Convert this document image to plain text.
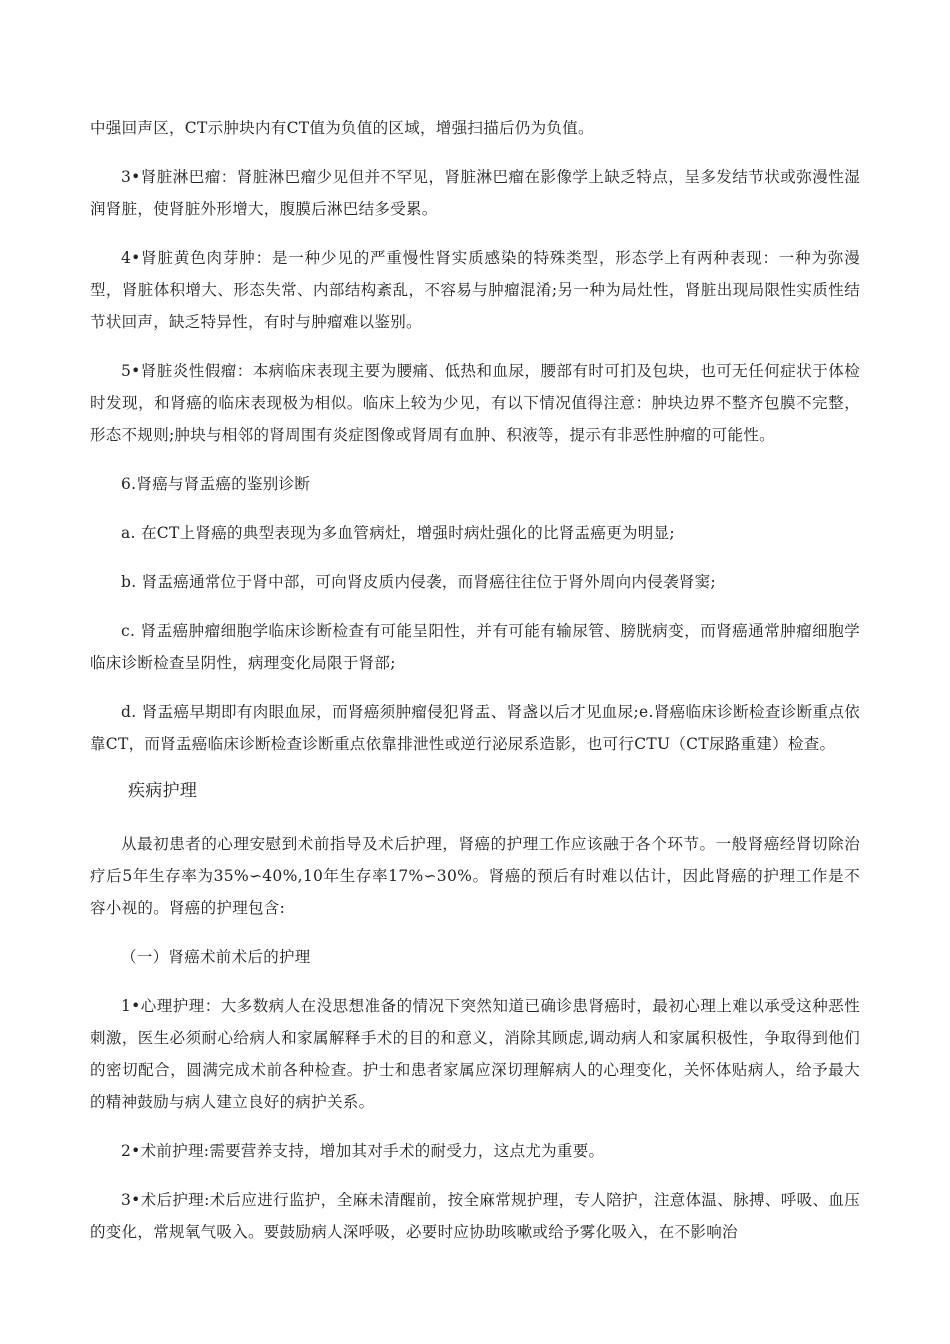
中强回声区，CT示肿块内有CT值为负值的区域，增强扫描后仍为负值。

3•肾脏淋巴瘤：肾脏淋巴瘤少见但并不罕见，肾脏淋巴瘤在影像学上缺乏特点，呈多发结节状或弥漫性湿润肾脏，使肾脏外形增大，腹膜后淋巴结多受累。

4•肾脏黄色肉芽肿：是一种少见的严重慢性肾实质感染的特殊类型，形态学上有两种表现：一种为弥漫型，肾脏体积增大、形态失常、内部结构紊乱，不容易与肿瘤混淆;另一种为局灶性，肾脏出现局限性实质性结节状回声，缺乏特异性，有时与肿瘤难以鉴别。

5•肾脏炎性假瘤：本病临床表现主要为腰痛、低热和血尿，腰部有时可扪及包块，也可无任何症状于体检时发现，和肾癌的临床表现极为相似。临床上较为少见，有以下情况值得注意：肿块边界不整齐包膜不完整，形态不规则;肿块与相邻的肾周围有炎症图像或肾周有血肿、积液等，提示有非恶性肿瘤的可能性。

6.肾癌与肾盂癌的鉴别诊断

a. 在CT上肾癌的典型表现为多血管病灶，增强时病灶强化的比肾盂癌更为明显;

b. 肾盂癌通常位于肾中部，可向肾皮质内侵袭，而肾癌往往位于肾外周向内侵袭肾窦;

c. 肾盂癌肿瘤细胞学临床诊断检查有可能呈阳性，并有可能有输尿管、膀胱病变，而肾癌通常肿瘤细胞学临床诊断检查呈阴性，病理变化局限于肾部;

d. 肾盂癌早期即有肉眼血尿，而肾癌须肿瘤侵犯肾盂、肾盏以后才见血尿;e.肾癌临床诊断检查诊断重点依靠CT，而肾盂癌临床诊断检查诊断重点依靠排泄性或逆行泌尿系造影，也可行CTU（CT尿路重建）检查。

疾病护理

从最初患者的心理安慰到术前指导及术后护理，肾癌的护理工作应该融于各个环节。一般肾癌经肾切除治疗后5年生存率为35%∽40%,10年生存率17%∽30%。肾癌的预后有时难以估计，因此肾癌的护理工作是不容小视的。肾癌的护理包含:

（一）肾癌术前术后的护理

1•心理护理：大多数病人在没思想准备的情况下突然知道已确诊患肾癌时，最初心理上难以承受这种恶性刺激，医生必须耐心给病人和家属解释手术的目的和意义，消除其顾虑,调动病人和家属积极性，争取得到他们的密切配合，圆满完成术前各种检查。护士和患者家属应深切理解病人的心理变化，关怀体贴病人，给予最大的精神鼓励与病人建立良好的病护关系。

2•术前护理:需要营养支持，增加其对手术的耐受力，这点尤为重要。

3•术后护理:术后应进行监护，全麻未清醒前，按全麻常规护理，专人陪护，注意体温、脉搏、呼吸、血压的变化，常规氧气吸入。要鼓励病人深呼吸，必要时应协助咳嗽或给予雾化吸入，在不影响治
